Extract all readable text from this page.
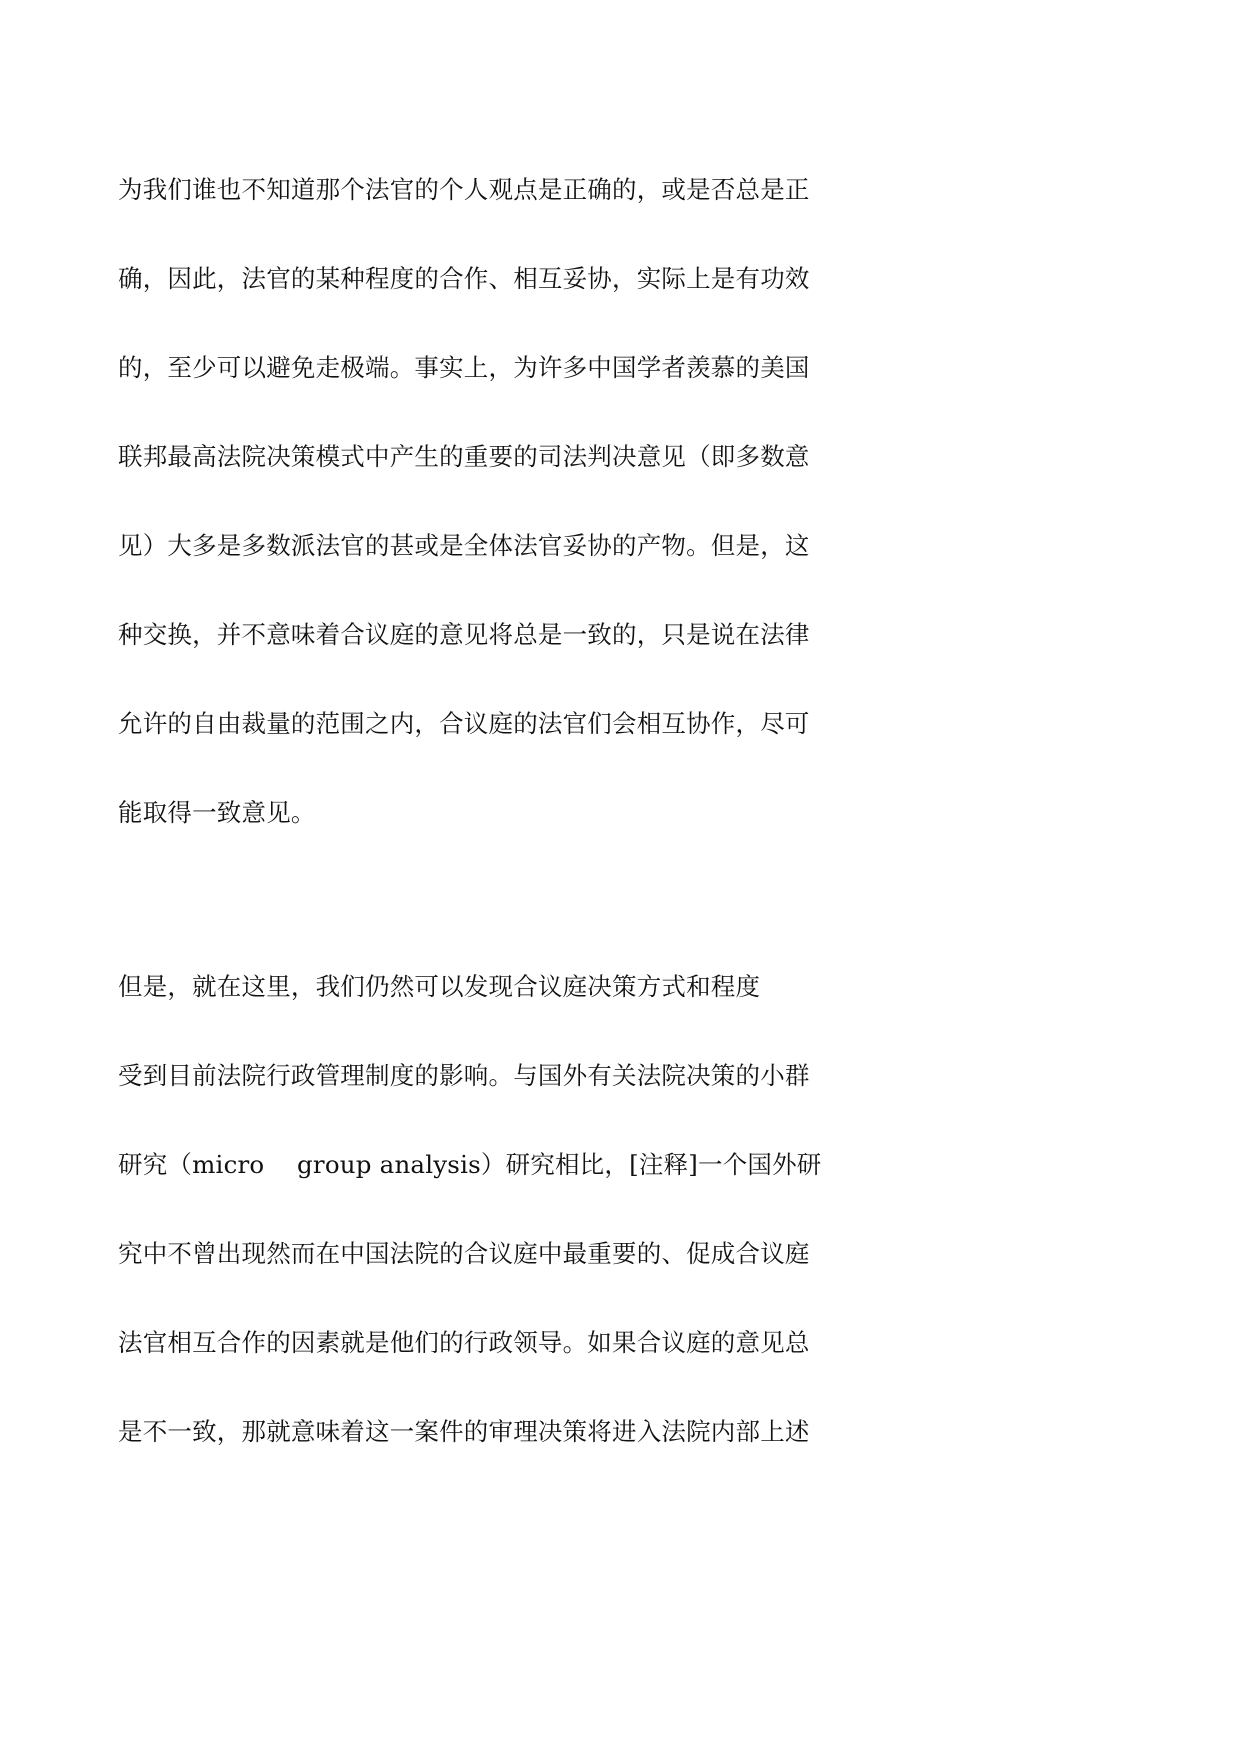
为我们谁也不知道那个法官的个人观点是正确的，或是否总是正
确，因此，法官的某种程度的合作、相互妥协，实际上是有功效
的，至少可以避免走极端。事实上，为许多中国学者羡慕的美国
联邦最高法院决策模式中产生的重要的司法判决意见（即多数意
见）大多是多数派法官的甚或是全体法官妥协的产物。但是，这
种交换，并不意味着合议庭的意见将总是一致的，只是说在法律
允许的自由裁量的范围之内，合议庭的法官们会相互协作，尽可
能取得一致意见。
但是，就在这里，我们仍然可以发现合议庭决策方式和程度
受到目前法院行政管理制度的影响。与国外有关法院决策的小群
研究（micro　 group analysis）研究相比，[注释]一个国外研
究中不曾出现然而在中国法院的合议庭中最重要的、促成合议庭
法官相互合作的因素就是他们的行政领导。如果合议庭的意见总
是不一致，那就意味着这一案件的审理决策将进入法院内部上述
